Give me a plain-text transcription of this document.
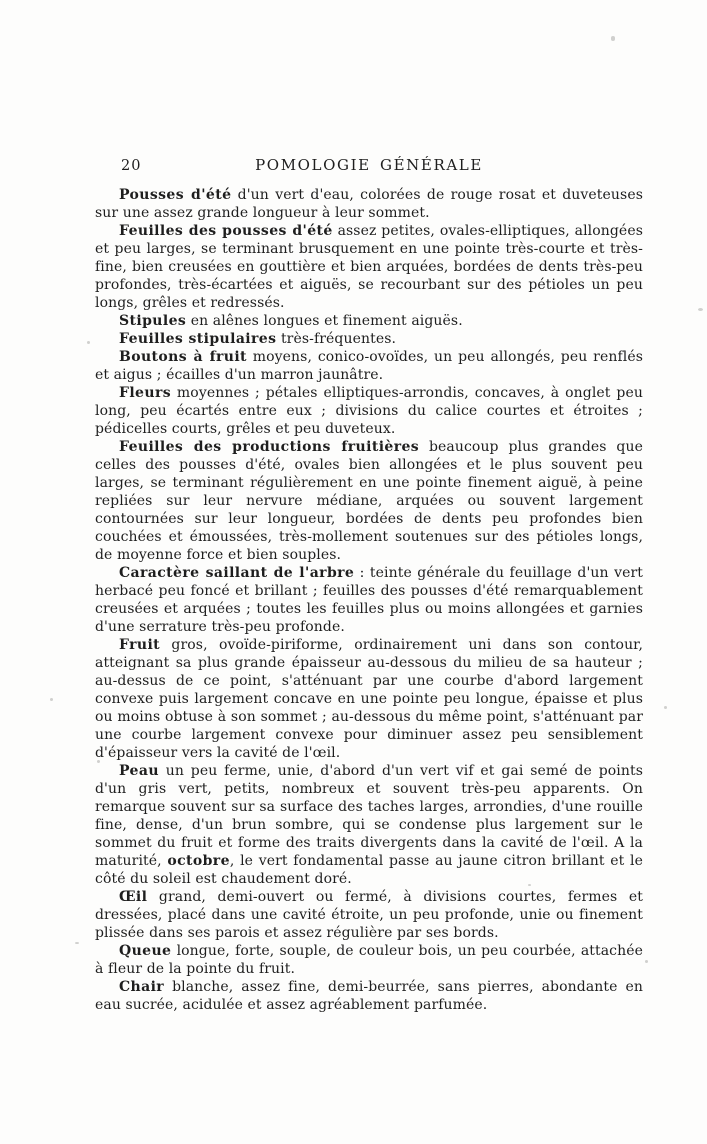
20	POMOLOGIE GÉNÉRALE

Pousses d'été d'un vert d'eau, colorées de rouge rosat et duveteuses sur une assez grande longueur à leur sommet.

Feuilles des pousses d'été assez petites, ovales-elliptiques, allongées et peu larges, se terminant brusquement en une pointe très-courte et très-fine, bien creusées en gouttière et bien arquées, bordées de dents très-peu profondes, très-écartées et aiguës, se recourbant sur des pétioles un peu longs, grêles et redressés.

Stipules en alênes longues et finement aiguës.

Feuilles stipulaires très-fréquentes.

Boutons à fruit moyens, conico-ovoïdes, un peu allongés, peu renflés et aigus ; écailles d'un marron jaunâtre.

Fleurs moyennes ; pétales elliptiques-arrondis, concaves, à onglet peu long, peu écartés entre eux ; divisions du calice courtes et étroites ; pédicelles courts, grêles et peu duveteux.

Feuilles des productions fruitières beaucoup plus grandes que celles des pousses d'été, ovales bien allongées et le plus souvent peu larges, se terminant régulièrement en une pointe finement aiguë, à peine repliées sur leur nervure médiane, arquées ou souvent largement contournées sur leur longueur, bordées de dents peu profondes bien couchées et émoussées, très-mollement soutenues sur des pétioles longs, de moyenne force et bien souples.

Caractère saillant de l'arbre : teinte générale du feuillage d'un vert herbacé peu foncé et brillant ; feuilles des pousses d'été remarquablement creusées et arquées ; toutes les feuilles plus ou moins allongées et garnies d'une serrature très-peu profonde.

Fruit gros, ovoïde-piriforme, ordinairement uni dans son contour, atteignant sa plus grande épaisseur au-dessous du milieu de sa hauteur ; au-dessus de ce point, s'atténuant par une courbe d'abord largement convexe puis largement concave en une pointe peu longue, épaisse et plus ou moins obtuse à son sommet ; au-dessous du même point, s'atténuant par une courbe largement convexe pour diminuer assez peu sensiblement d'épaisseur vers la cavité de l'œil.

Peau un peu ferme, unie, d'abord d'un vert vif et gai semé de points d'un gris vert, petits, nombreux et souvent très-peu apparents. On remarque souvent sur sa surface des taches larges, arrondies, d'une rouille fine, dense, d'un brun sombre, qui se condense plus largement sur le sommet du fruit et forme des traits divergents dans la cavité de l'œil. A la maturité, octobre, le vert fondamental passe au jaune citron brillant et le côté du soleil est chaudement doré.

Œil grand, demi-ouvert ou fermé, à divisions courtes, fermes et dressées, placé dans une cavité étroite, un peu profonde, unie ou finement plissée dans ses parois et assez régulière par ses bords.

Queue longue, forte, souple, de couleur bois, un peu courbée, attachée à fleur de la pointe du fruit.

Chair blanche, assez fine, demi-beurrée, sans pierres, abondante en eau sucrée, acidulée et assez agréablement parfumée.
